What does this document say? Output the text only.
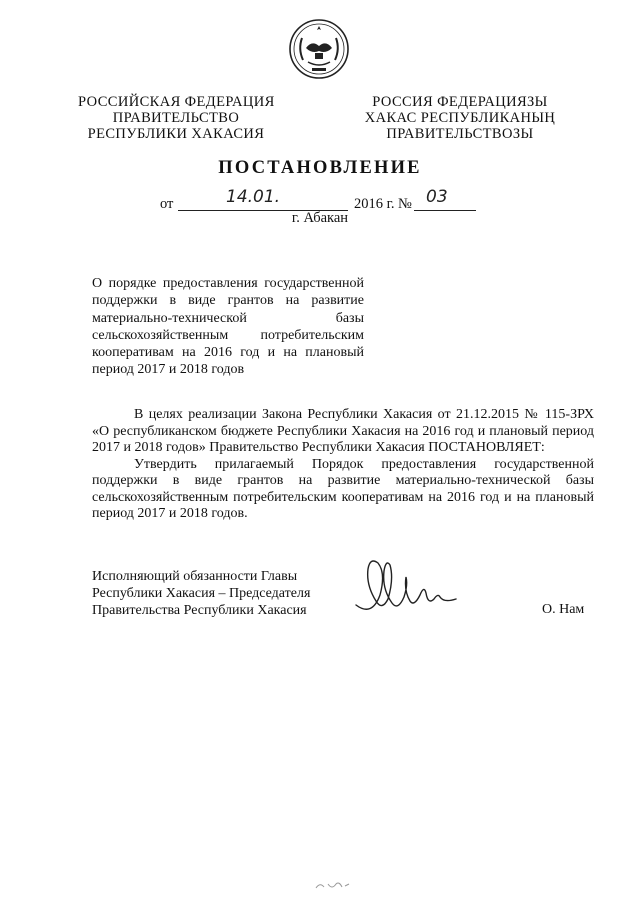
РОССИЙСКАЯ ФЕДЕРАЦИЯ
ПРАВИТЕЛЬСТВО
РЕСПУБЛИКИ ХАКАСИЯ
РОССИЯ ФЕДЕРАЦИЯЗЫ
ХАКАС РЕСПУБЛИКАНЫҢ
ПРАВИТЕЛЬСТВОЗЫ
ПОСТАНОВЛЕНИЕ
от	14.01.	2016 г. № 03
г. Абакан
О порядке предоставления государственной поддержки в виде грантов на развитие материально-технической базы сельскохозяйственным потребительским кооперативам на 2016 год и на плановый период 2017 и 2018 годов

В целях реализации Закона Республики Хакасия от 21.12.2015 № 115-ЗРХ «О республиканском бюджете Республики Хакасия на 2016 год и плановый период 2017 и 2018 годов» Правительство Республики Хакасия ПОСТАНОВЛЯЕТ:

Утвердить прилагаемый Порядок предоставления государственной поддержки в виде грантов на развитие материально-технической базы сельскохозяйственным потребительским кооперативам на 2016 год и на плановый период 2017 и 2018 годов.

Исполняющий обязанности Главы
Республики Хакасия – Председателя
Правительства Республики Хакасия	О. Нам
